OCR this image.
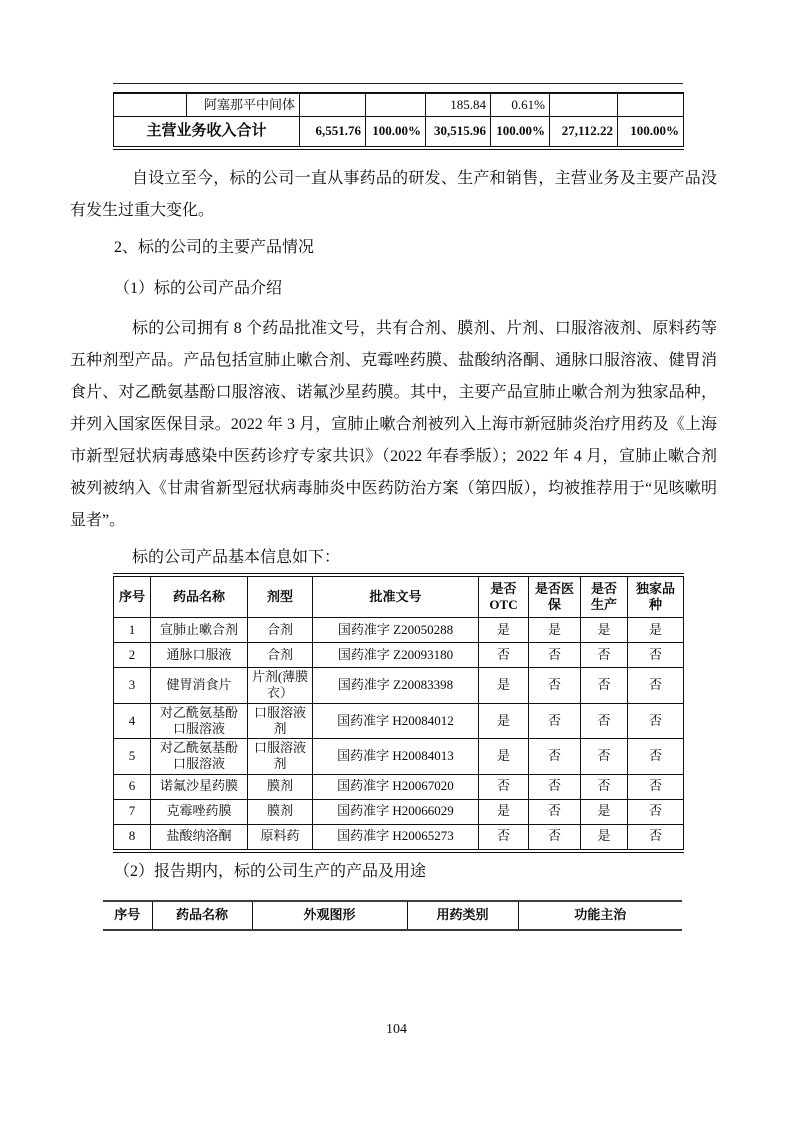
	阿塞那平中间体			185.84	0.61%		
主营业务收入合计		6,551.76	100.00%	30,515.96	100.00%	27,112.22	100.00%

自设立至今，标的公司一直从事药品的研发、生产和销售，主营业务及主要产品没有发生过重大变化。

2、标的公司的主要产品情况

（1）标的公司产品介绍

标的公司拥有 8 个药品批准文号，共有合剂、膜剂、片剂、口服溶液剂、原料药等五种剂型产品。产品包括宣肺止嗽合剂、克霉唑药膜、盐酸纳洛酮、通脉口服溶液、健胃消食片、对乙酰氨基酚口服溶液、诺氟沙星药膜。其中，主要产品宣肺止嗽合剂为独家品种，并列入国家医保目录。2022 年 3 月，宣肺止嗽合剂被列入上海市新冠肺炎治疗用药及《上海市新型冠状病毒感染中医药诊疗专家共识》（2022 年春季版）；2022 年 4 月，宣肺止嗽合剂被列被纳入《甘肃省新型冠状病毒肺炎中医药防治方案（第四版），均被推荐用于“见咳嗽明显者”。

标的公司产品基本信息如下：

序号	药品名称	剂型	批准文号	是否OTC	是否医保	是否生产	独家品种
1	宣肺止嗽合剂	合剂	国药准字 Z20050288	是	是	是	是
2	通脉口服液	合剂	国药准字 Z20093180	否	否	否	否
3	健胃消食片	片剂(薄膜衣）	国药准字 Z20083398	是	否	否	否
4	对乙酰氨基酚口服溶液	口服溶液剂	国药准字 H20084012	是	否	否	否
5	对乙酰氨基酚口服溶液	口服溶液剂	国药准字 H20084013	是	否	否	否
6	诺氟沙星药膜	膜剂	国药准字 H20067020	否	否	否	否
7	克霉唑药膜	膜剂	国药准字 H20066029	是	否	是	否
8	盐酸纳洛酮	原料药	国药准字 H20065273	否	否	是	否

（2）报告期内，标的公司生产的产品及用途

序号	药品名称	外观图形	用药类别	功能主治
104
